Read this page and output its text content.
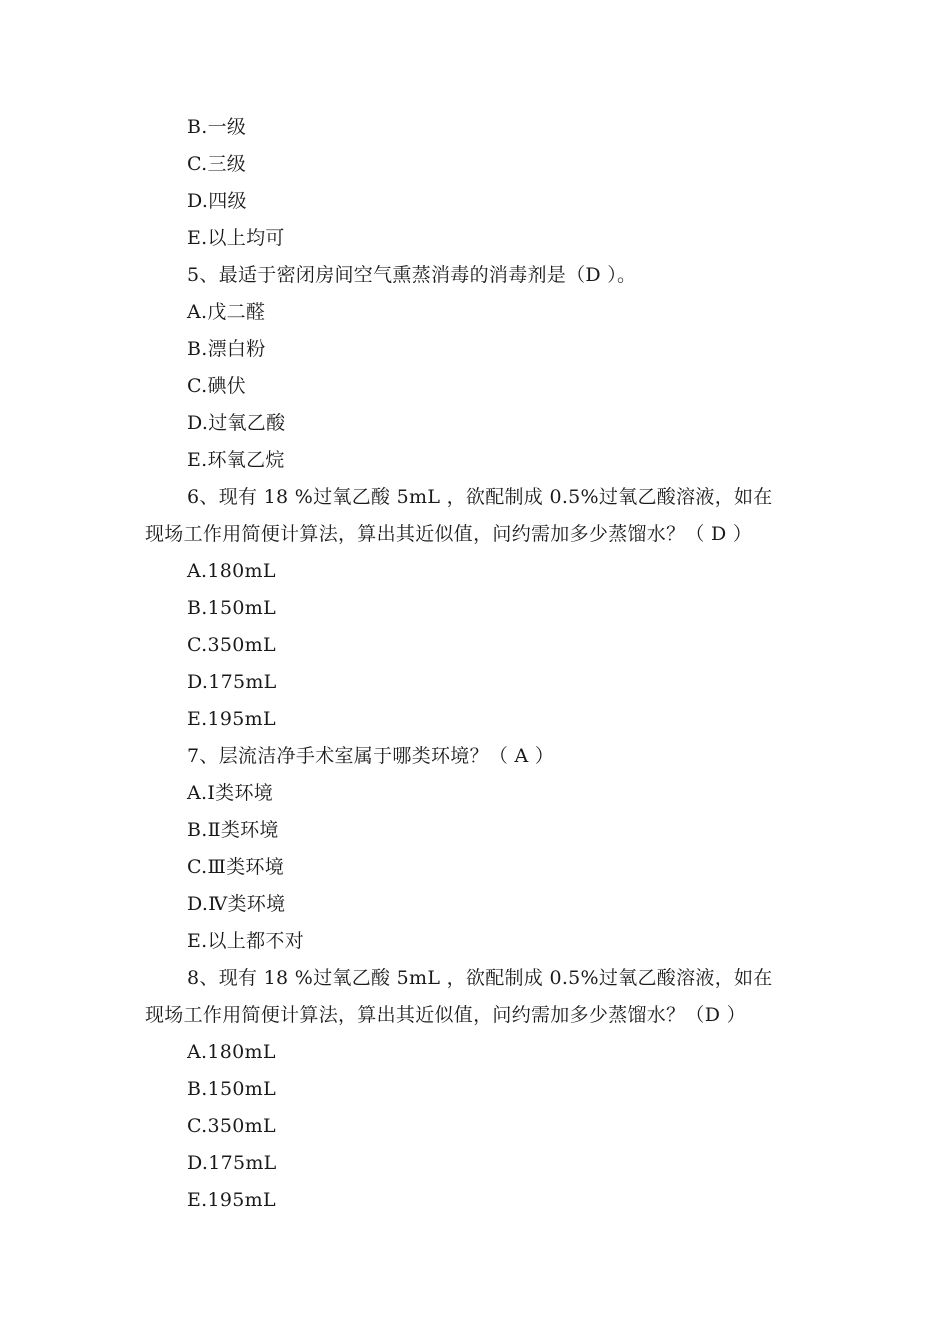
B.一级
C.三级
D.四级
E.以上均可
5、最适于密闭房间空气熏蒸消毒的消毒剂是（D ）。
A.戊二醛
B.漂白粉
C.碘伏
D.过氧乙酸
E.环氧乙烷
6、现有 18 %过氧乙酸 5mL ，欲配制成 0.5%过氧乙酸溶液，如在
现场工作用简便计算法，算出其近似值，问约需加多少蒸馏水？（ D ）
A.180mL
B.150mL
C.350mL
D.175mL
E.195mL
7、层流洁净手术室属于哪类环境？（ A ）
A.Ⅰ类环境
B.Ⅱ类环境
C.Ⅲ类环境
D.Ⅳ类环境
E.以上都不对
8、现有 18 %过氧乙酸 5mL ，欲配制成 0.5%过氧乙酸溶液，如在
现场工作用简便计算法，算出其近似值，问约需加多少蒸馏水？（D ）
A.180mL
B.150mL
C.350mL
D.175mL
E.195mL
